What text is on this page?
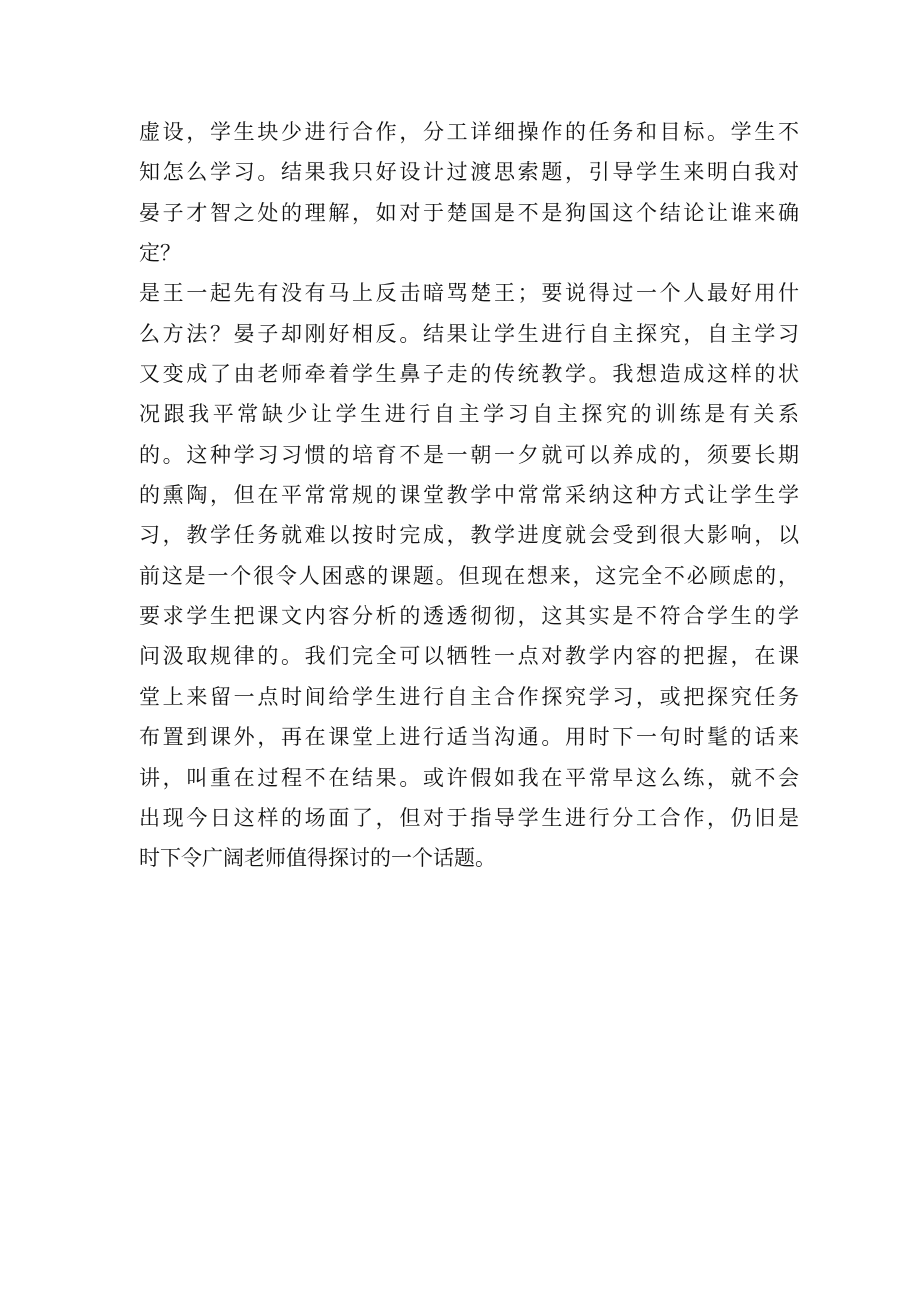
虚设，学生块少进行合作，分工详细操作的任务和目标。学生不
知怎么学习。结果我只好设计过渡思索题，引导学生来明白我对
晏子才智之处的理解，如对于楚国是不是狗国这个结论让谁来确
定？
是王一起先有没有马上反击暗骂楚王；要说得过一个人最好用什
么方法？晏子却刚好相反。结果让学生进行自主探究，自主学习
又变成了由老师牵着学生鼻子走的传统教学。我想造成这样的状
况跟我平常缺少让学生进行自主学习自主探究的训练是有关系
的。这种学习习惯的培育不是一朝一夕就可以养成的，须要长期
的熏陶，但在平常常规的课堂教学中常常采纳这种方式让学生学
习，教学任务就难以按时完成，教学进度就会受到很大影响，以
前这是一个很令人困惑的课题。但现在想来，这完全不必顾虑的，
要求学生把课文内容分析的透透彻彻，这其实是不符合学生的学
问汲取规律的。我们完全可以牺牲一点对教学内容的把握，在课
堂上来留一点时间给学生进行自主合作探究学习，或把探究任务
布置到课外，再在课堂上进行适当沟通。用时下一句时髦的话来
讲，叫重在过程不在结果。或许假如我在平常早这么练，就不会
出现今日这样的场面了，但对于指导学生进行分工合作，仍旧是
时下令广阔老师值得探讨的一个话题。
